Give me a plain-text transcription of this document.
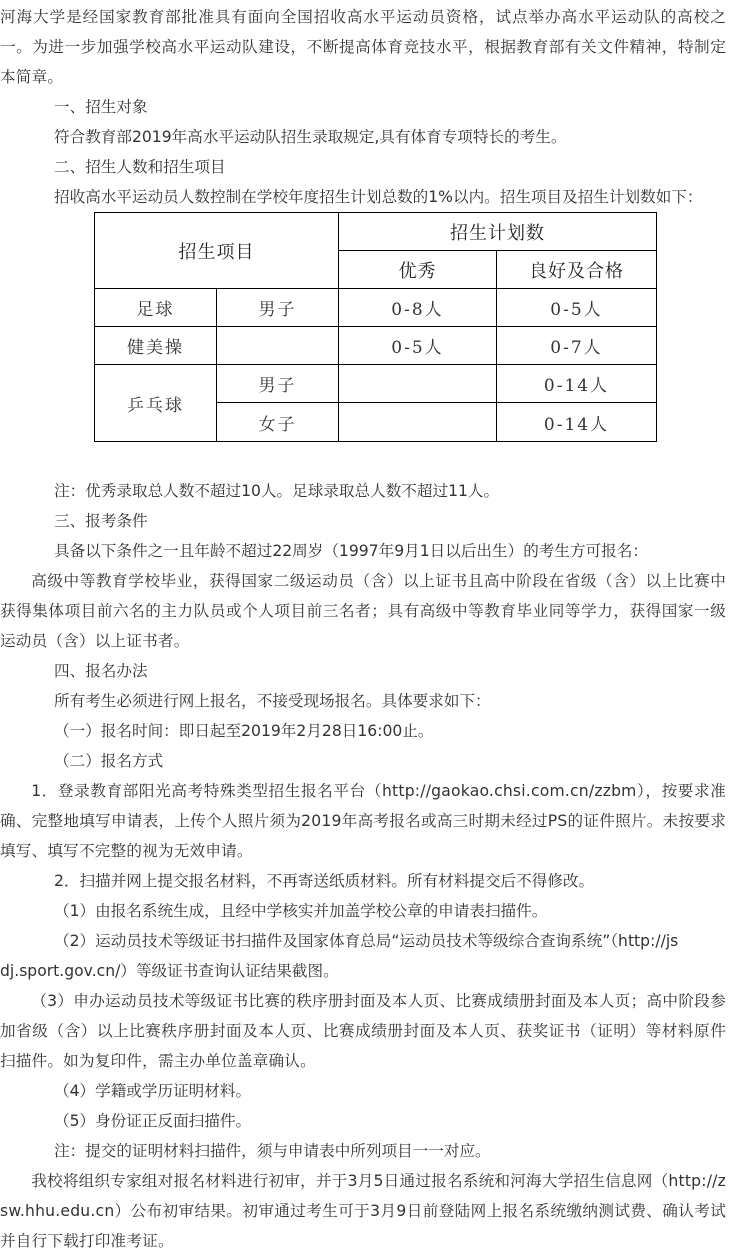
河海大学是经国家教育部批准具有面向全国招收高水平运动员资格，试点举办高水平运动队的高校之一。为进一步加强学校高水平运动队建设，不断提高体育竞技水平，根据教育部有关文件精神，特制定本简章。
一、招生对象
符合教育部2019年高水平运动队招生录取规定,具有体育专项特长的考生。
二、招生人数和招生项目
招收高水平运动员人数控制在学校年度招生计划总数的1%以内。招生项目及招生计划数如下：
招生项目		招生计划数	
		优秀	良好及合格
足球	男子	0-8人	0-5人
健美操		0-5人	0-7人
乒乓球	男子		0-14人
	女子		0-14人
注：优秀录取总人数不超过10人。足球录取总人数不超过11人。
三、报考条件
具备以下条件之一且年龄不超过22周岁（1997年9月1日以后出生）的考生方可报名：
高级中等教育学校毕业，获得国家二级运动员（含）以上证书且高中阶段在省级（含）以上比赛中获得集体项目前六名的主力队员或个人项目前三名者；具有高级中等教育毕业同等学力，获得国家一级运动员（含）以上证书者。
四、报名办法
所有考生必须进行网上报名，不接受现场报名。具体要求如下：
（一）报名时间：即日起至2019年2月28日16:00止。
（二）报名方式
1．登录教育部阳光高考特殊类型招生报名平台（http://gaokao.chsi.com.cn/zzbm），按要求准确、完整地填写申请表，上传个人照片须为2019年高考报名或高三时期未经过PS的证件照片。未按要求填写、填写不完整的视为无效申请。
2．扫描并网上提交报名材料，不再寄送纸质材料。所有材料提交后不得修改。
（1）由报名系统生成，且经中学核实并加盖学校公章的申请表扫描件。
（2）运动员技术等级证书扫描件及国家体育总局“运动员技术等级综合查询系统”（http://js
dj.sport.gov.cn/）等级证书查询认证结果截图。
（3）申办运动员技术等级证书比赛的秩序册封面及本人页、比赛成绩册封面及本人页；高中阶段参加省级（含）以上比赛秩序册封面及本人页、比赛成绩册封面及本人页、获奖证书（证明）等材料原件扫描件。如为复印件，需主办单位盖章确认。
（4）学籍或学历证明材料。
（5）身份证正反面扫描件。
注：提交的证明材料扫描件，须与申请表中所列项目一一对应。
我校将组织专家组对报名材料进行初审，并于3月5日通过报名系统和河海大学招生信息网（http://zsw.hhu.edu.cn）公布初审结果。初审通过考生可于3月9日前登陆网上报名系统缴纳测试费、确认考试并自行下载打印准考证。
